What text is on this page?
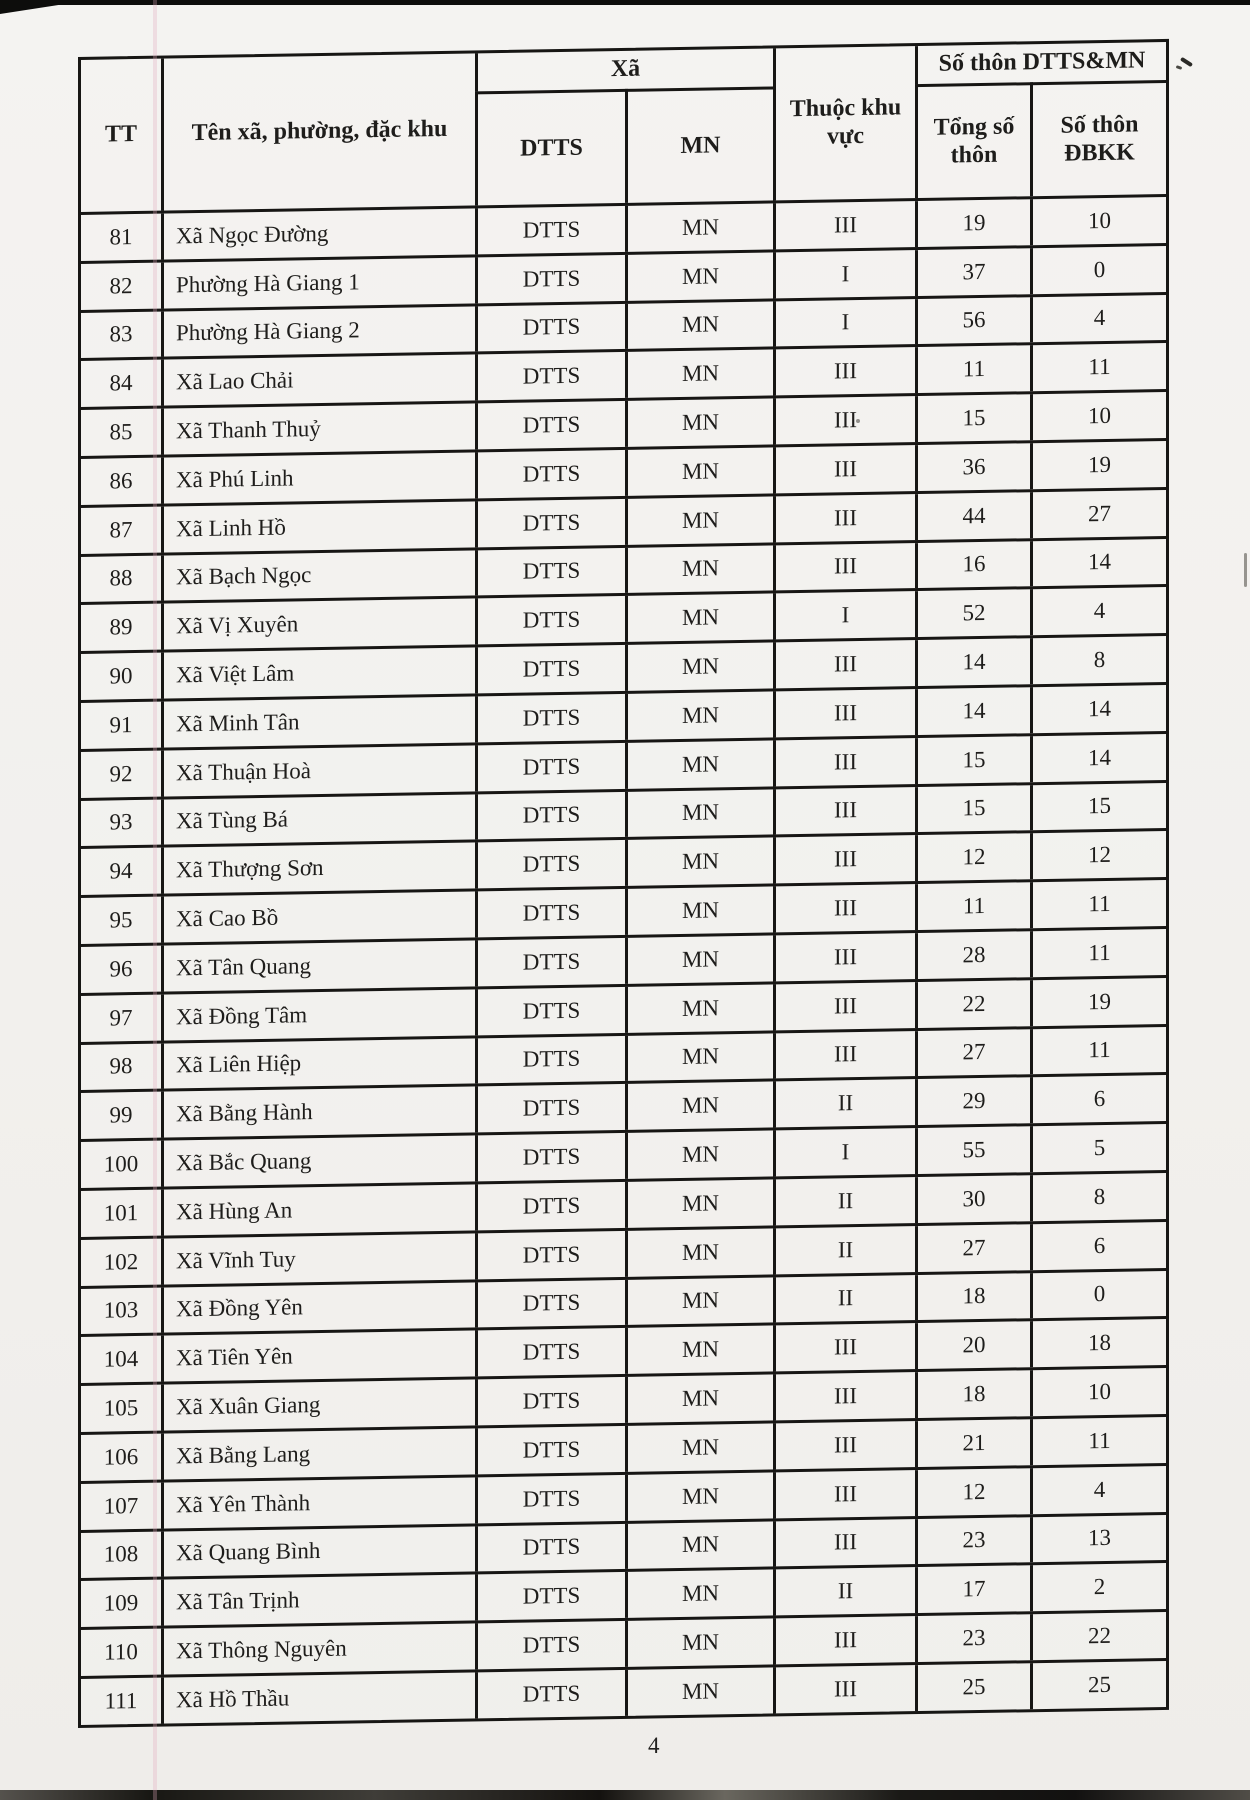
TT	Tên xã, phường, đặc khu
Xã
Thuộc khu vực
Số thôn DTTS&MN
DTTS	MN
Tổng số thôn
Số thôn ĐBKK
81	Xã Ngọc Đường	DTTS	MN	III	19	10
82	Phường Hà Giang 1	DTTS	MN	I	37	0
83	Phường Hà Giang 2	DTTS	MN	I	56	4
84	Xã Lao Chải	DTTS	MN	III	11	11
85	Xã Thanh Thuỷ	DTTS	MN	III	15	10
86	Xã Phú Linh	DTTS	MN	III	36	19
87	Xã Linh Hồ	DTTS	MN	III	44	27
88	Xã Bạch Ngọc	DTTS	MN	III	16	14
89	Xã Vị Xuyên	DTTS	MN	I	52	4
90	Xã Việt Lâm	DTTS	MN	III	14	8
91	Xã Minh Tân	DTTS	MN	III	14	14
92	Xã Thuận Hoà	DTTS	MN	III	15	14
93	Xã Tùng Bá	DTTS	MN	III	15	15
94	Xã Thượng Sơn	DTTS	MN	III	12	12
95	Xã Cao Bồ	DTTS	MN	III	11	11
96	Xã Tân Quang	DTTS	MN	III	28	11
97	Xã Đồng Tâm	DTTS	MN	III	22	19
98	Xã Liên Hiệp	DTTS	MN	III	27	11
99	Xã Bằng Hành	DTTS	MN	II	29	6
100	Xã Bắc Quang	DTTS	MN	I	55	5
101	Xã Hùng An	DTTS	MN	II	30	8
102	Xã Vĩnh Tuy	DTTS	MN	II	27	6
103	Xã Đồng Yên	DTTS	MN	II	18	0
104	Xã Tiên Yên	DTTS	MN	III	20	18
105	Xã Xuân Giang	DTTS	MN	III	18	10
106	Xã Bằng Lang	DTTS	MN	III	21	11
107	Xã Yên Thành	DTTS	MN	III	12	4
108	Xã Quang Bình	DTTS	MN	III	23	13
109	Xã Tân Trịnh	DTTS	MN	II	17	2
110	Xã Thông Nguyên	DTTS	MN	III	23	22
111	Xã Hồ Thầu	DTTS	MN	III	25	25
4
